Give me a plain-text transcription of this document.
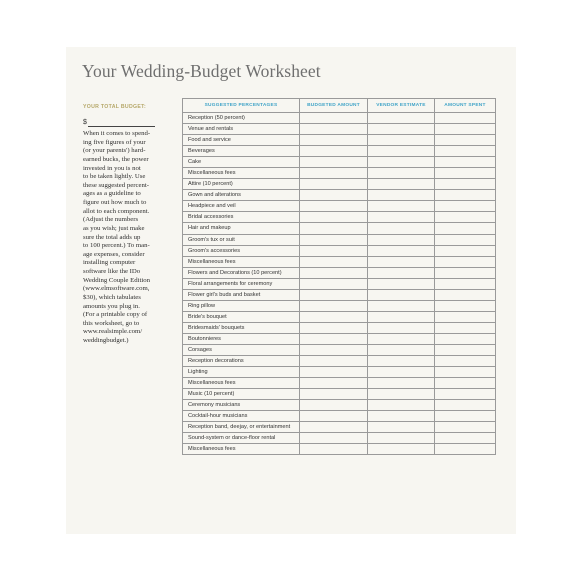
Your Wedding-Budget Worksheet
YOUR TOTAL BUDGET:
$
When it comes to spend-
ing five figures of your
(or your parents') hard-
earned bucks, the power
invested in you is not
to be taken lightly. Use
these suggested percent-
ages as a guideline to
figure out how much to
allot to each component.
(Adjust the numbers
as you wish; just make
sure the total adds up
to 100 percent.) To man-
age expenses, consider
installing computer
software like the IDo
Wedding Couple Edition
(www.elmsoftware.com,
$30), which tabulates
amounts you plug in.
(For a printable copy of
this worksheet, go to
www.realsimple.com/
weddingbudget.)
SUGGESTED PERCENTAGES	BUDGETED AMOUNT	VENDOR ESTIMATE	AMOUNT SPENT
Reception (50 percent)			
Venue and rentals			
Food and service			
Beverages			
Cake			
Miscellaneous fees			
Attire (10 percent)			
Gown and alterations			
Headpiece and veil			
Bridal accessories			
Hair and makeup			
Groom's tux or suit			
Groom's accessories			
Miscellaneous fees			
Flowers and Decorations (10 percent)			
Floral arrangements for ceremony			
Flower girl's buds and basket			
Ring pillow			
Bride's bouquet			
Bridesmaids' bouquets			
Boutonnieres			
Corsages			
Reception decorations			
Lighting			
Miscellaneous fees			
Music (10 percent)			
Ceremony musicians			
Cocktail-hour musicians			
Reception band, deejay, or entertainment			
Sound-system or dance-floor rental			
Miscellaneous fees			
